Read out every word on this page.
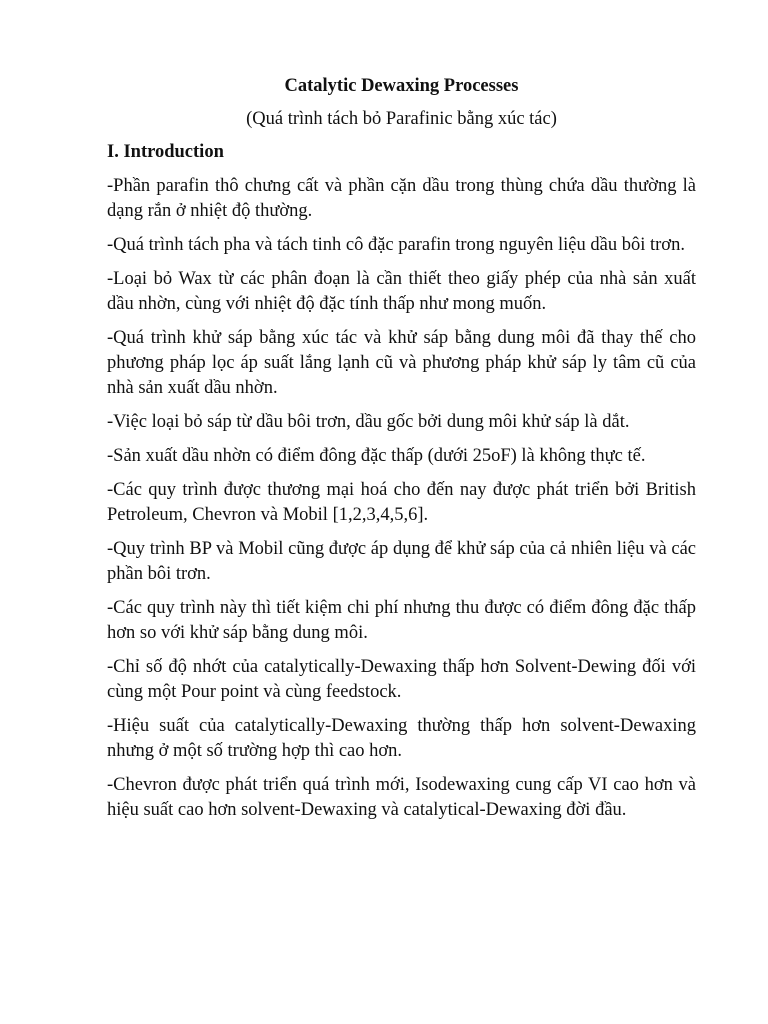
Catalytic Dewaxing Processes

(Quá trình tách bỏ Parafinic bằng xúc tác)

I. Introduction

-Phần parafin thô chưng cất và phần cặn dầu trong thùng chứa dầu thường là dạng rắn ở nhiệt độ thường.

-Quá trình tách pha và tách tinh cô đặc parafin trong nguyên liệu dầu bôi trơn.

-Loại bỏ Wax từ các phân đoạn là cần thiết theo giấy phép của nhà sản xuất dầu nhờn, cùng với nhiệt độ đặc tính thấp như mong muốn.

-Quá trình khử sáp bằng xúc tác và khử sáp bằng dung môi đã thay thế cho phương pháp lọc áp suất lắng lạnh cũ và phương pháp khử sáp ly tâm cũ của nhà sản xuất dầu nhờn.

-Việc loại bỏ sáp từ dầu bôi trơn, dầu gốc bởi dung môi khử sáp là dắt.

-Sản xuất dầu nhờn có điểm đông đặc thấp (dưới 25oF) là không thực tế.

-Các quy trình được thương mại hoá cho đến nay được phát triển bởi British Petroleum, Chevron và Mobil [1,2,3,4,5,6].

-Quy trình BP và Mobil cũng được áp dụng để khử sáp của cả nhiên liệu và các phần bôi trơn.

-Các quy trình này thì tiết kiệm chi phí nhưng thu được có điểm đông đặc thấp hơn so với khử sáp bằng dung môi.

-Chỉ số độ nhớt của catalytically-Dewaxing thấp hơn Solvent-Dewing đối với cùng một Pour point và cùng feedstock.

-Hiệu suất của catalytically-Dewaxing thường thấp hơn solvent-Dewaxing nhưng ở một số trường hợp thì cao hơn.

-Chevron được phát triển quá trình mới, Isodewaxing cung cấp VI cao hơn và hiệu suất cao hơn solvent-Dewaxing và catalytical-Dewaxing đời đầu.
